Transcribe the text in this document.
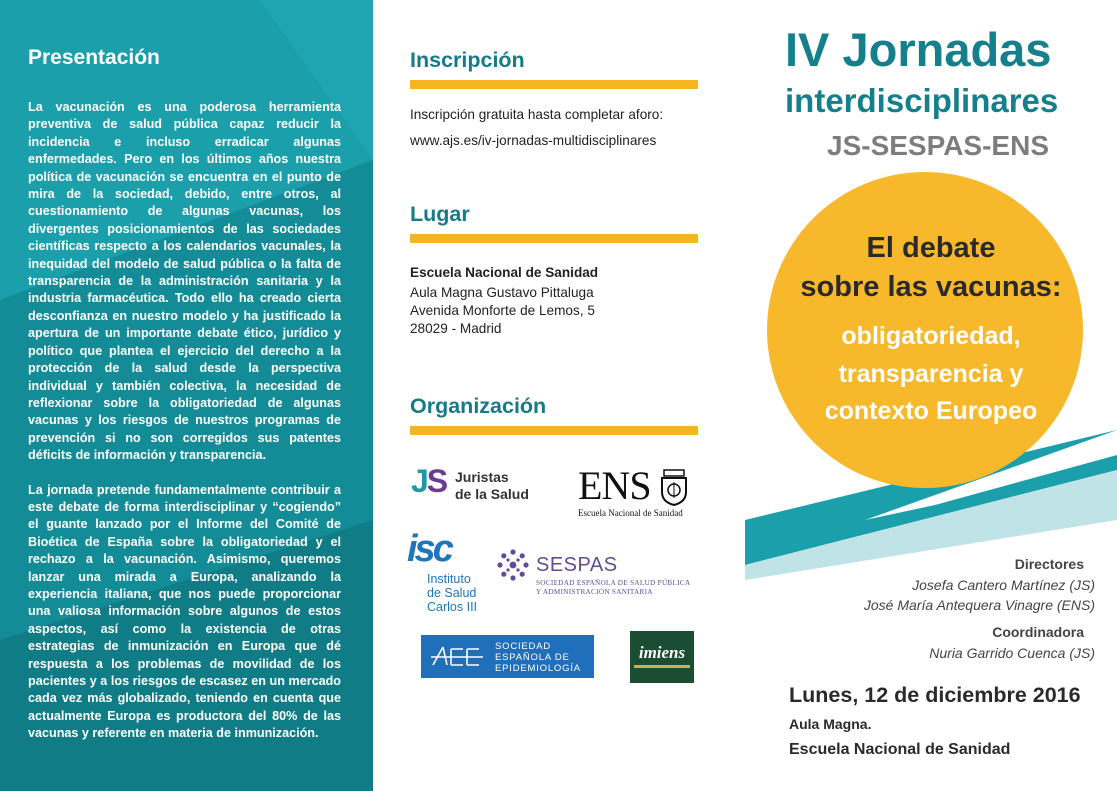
Presentación

La vacunación es una poderosa herramienta preventiva de salud pública capaz reducir la incidencia e incluso erradicar algunas enfermedades. Pero en los últimos años nuestra política de vacunación se encuentra en el punto de mira de la sociedad, debido, entre otros, al cuestionamiento de algunas vacunas, los divergentes posicionamientos de las sociedades científicas respecto a los calendarios vacunales, la inequidad del modelo de salud pública o la falta de transparencia de la administración sanitaria y la industria farmacéutica. Todo ello ha creado cierta desconfianza en nuestro modelo y ha justificado la apertura de un importante debate ético, jurídico y político que plantea el ejercicio del derecho a la protección de la salud desde la perspectiva individual y también colectiva, la necesidad de reflexionar sobre la obligatoriedad de algunas vacunas y los riesgos de nuestros programas de prevención si no son corregidos sus patentes déficits de información y transparencia.

La jornada pretende fundamentalmente contribuir a este debate de forma interdisciplinar y “cogiendo” el guante lanzado por el Informe del Comité de Bioética de España sobre la obligatoriedad y el rechazo a la vacunación. Asimismo, queremos lanzar una mirada a Europa, analizando la experiencia italiana, que nos puede proporcionar una valiosa información sobre algunos de estos aspectos, así como la existencia de otras estrategias de inmunización en Europa que dé respuesta a los problemas de movilidad de los pacientes y a los riesgos de escasez en un mercado cada vez más globalizado, teniendo en cuenta que actualmente Europa es productora del 80% de las vacunas y referente en materia de inmunización.

Inscripción
Inscripción gratuita hasta completar aforo:
www.ajs.es/iv-jornadas-multidisciplinares
Lugar
Escuela Nacional de Sanidad
Aula Magna Gustavo Pittaluga
Avenida Monforte de Lemos, 5
28029 - Madrid
Organización
JS Juristas
de la Salud ENS
Escuela Nacional de Sanidad
isc
Instituto
de Salud
Carlos III
SESPAS
SOCIEDAD ESPAÑOLA DE SALUD PÚBLICA
Y ADMINISTRACIÓN SANITARIA
SOCIEDAD
ESPAÑOLA DE
EPIDEMIOLOGÍA
imiens
IV Jornadas
interdisciplinares
JS-SESPAS-ENS
El debate
sobre las vacunas:
obligatoriedad,
transparencia y
contexto Europeo
Directores
Josefa Cantero Martínez (JS)
José María Antequera Vinagre (ENS)
Coordinadora
Nuria Garrido Cuenca (JS)
Lunes, 12 de diciembre 2016
Aula Magna.
Escuela Nacional de Sanidad
